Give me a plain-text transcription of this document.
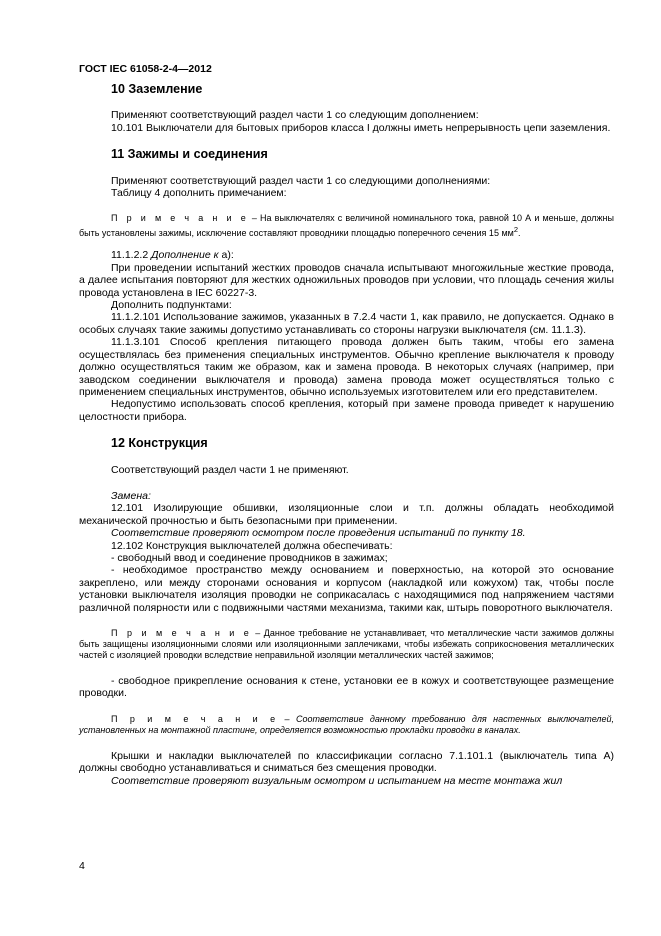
ГОСТ IEC 61058-2-4—2012
10 Заземление

Применяют соответствующий раздел части 1 со следующим дополнением:

10.101 Выключатели для бытовых приборов класса I должны иметь непрерывность цепи заземления.

11 Зажимы и соединения

Применяют соответствующий раздел части 1 со следующими дополнениями:

Таблицу 4 дополнить примечанием:

П р и м е ч а н и е – На выключателях с величиной номинального тока, равной 10 А и меньше, должны быть установлены зажимы, исключение составляют проводники площадью поперечного сечения 15 $мм^2$.

11.1.2.2 Дополнение к а):

При проведении испытаний жестких проводов сначала испытывают многожильные жесткие провода, а далее испытания повторяют для жестких одножильных проводов при условии, что площадь сечения жилы провода установлена в IEC 60227-3.

Дополнить подпунктами:

11.1.2.101 Использование зажимов, указанных в 7.2.4 части 1, как правило, не допускается. Однако в особых случаях такие зажимы допустимо устанавливать со стороны нагрузки выключателя (см. 11.1.3).

11.1.3.101 Способ крепления питающего провода должен быть таким, чтобы его замена осуществлялась без применения специальных инструментов. Обычно крепление выключателя к проводу должно осуществляться таким же образом, как и замена провода. В некоторых случаях (например, при заводском соединении выключателя и провода) замена провода может осуществляться только с применением специальных инструментов, обычно используемых изготовителем или его представителем.

Недопустимо использовать способ крепления, который при замене провода приведет к нарушению целостности прибора.

12 Конструкция

Соответствующий раздел части 1 не применяют.

Замена:

12.101 Изолирующие обшивки, изоляционные слои и т.п. должны обладать необходимой механической прочностью и быть безопасными при применении.

Соответствие проверяют осмотром после проведения испытаний по пункту 18.

12.102 Конструкция выключателей должна обеспечивать:

- свободный ввод и соединение проводников в зажимах;

- необходимое пространство между основанием и поверхностью, на которой это основание закреплено, или между сторонами основания и корпусом (накладкой или кожухом) так, чтобы после установки выключателя изоляция проводки не соприкасалась с находящимися под напряжением частями различной полярности или с подвижными частями механизма, такими как, штырь поворотного выключателя.

П р и м е ч а н и е – Данное требование не устанавливает, что металлические части зажимов должны быть защищены изоляционными слоями или изоляционными заплечиками, чтобы избежать соприкосновения металлических частей с изоляцией проводки вследствие неправильной изоляции металлических частей зажимов;

- свободное прикрепление основания к стене, установки ее в кожух и соответствующее размещение проводки.

П р и м е ч а н и е – Соответствие данному требованию для настенных выключателей, установленных на монтажной пластине, определяется возможностью прокладки проводки в каналах.

Крышки и накладки выключателей по классификации согласно 7.1.101.1 (выключатель типа А) должны свободно устанавливаться и сниматься без смещения проводки.

Соответствие проверяют визуальным осмотром и испытанием на месте монтажа жил

4
